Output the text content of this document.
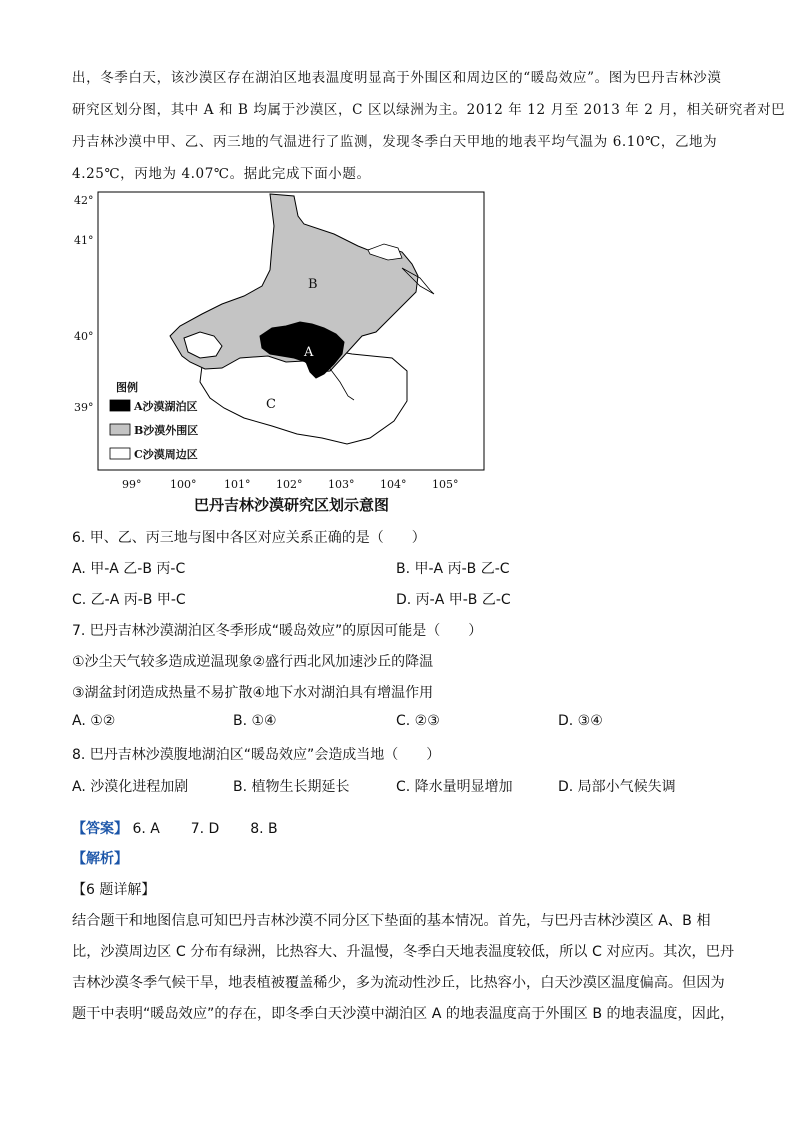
出，冬季白天，该沙漠区存在湖泊区地表温度明显高于外围区和周边区的“暖岛效应”。图为巴丹吉林沙漠
研究区划分图，其中 A 和 B 均属于沙漠区，C 区以绿洲为主。2012 年 12 月至 2013 年 2 月，相关研究者对巴
丹吉林沙漠中甲、乙、丙三地的气温进行了监测，发现冬季白天甲地的地表平均气温为 6.10℃，乙地为
4.25℃，丙地为 4.07℃。据此完成下面小题。
42°
41°
40°
39°
99°	100°	101° 102° 103° 104° 105°
B
A
C
图例
A沙漠湖泊区
B沙漠外围区
C沙漠周边区
巴丹吉林沙漠研究区划示意图
6. 甲、乙、丙三地与图中各区对应关系正确的是（　　）
A. 甲-A 乙-B 丙-C	B. 甲-A 丙-B 乙-C
C. 乙-A 丙-B 甲-C	D. 丙-A 甲-B 乙-C
7. 巴丹吉林沙漠湖泊区冬季形成“暖岛效应”的原因可能是（　　）
①沙尘天气较多造成逆温现象②盛行西北风加速沙丘的降温
③湖盆封闭造成热量不易扩散④地下水对湖泊具有增温作用
A. ①②	B. ①④	C. ②③	D. ③④
8. 巴丹吉林沙漠腹地湖泊区“暖岛效应”会造成当地（　　）
A. 沙漠化进程加剧	B. 植物生长期延长	C. 降水量明显增加	D. 局部小气候失调
【答案】 6. A 7. D 8. B
【解析】
【6 题详解】
结合题干和地图信息可知巴丹吉林沙漠不同分区下垫面的基本情况。首先，与巴丹吉林沙漠区 A、B 相
比，沙漠周边区 C 分布有绿洲，比热容大、升温慢，冬季白天地表温度较低，所以 C 对应丙。其次，巴丹
吉林沙漠冬季气候干旱，地表植被覆盖稀少，多为流动性沙丘，比热容小，白天沙漠区温度偏高。但因为
题干中表明“暖岛效应”的存在，即冬季白天沙漠中湖泊区 A 的地表温度高于外围区 B 的地表温度，因此，
